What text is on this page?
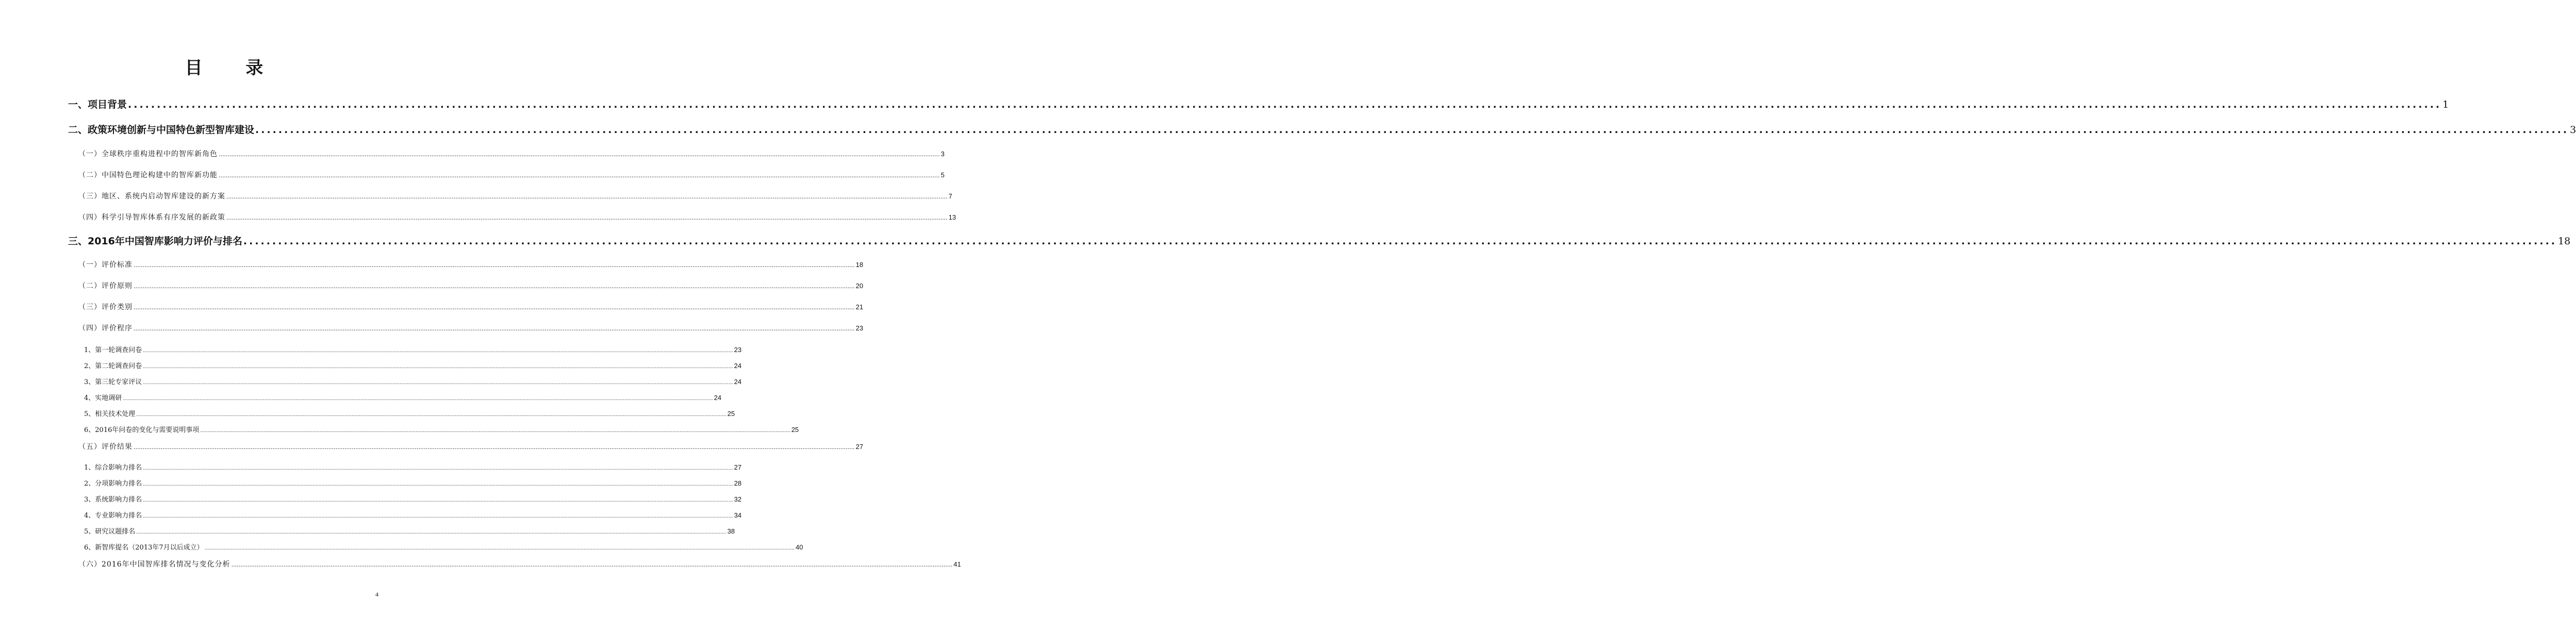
目 录
一、项目背景 ................................................................................................................................................................................................................................................................................................................................................................................................................ 1
二、政策环境创新与中国特色新型智库建设 ................................................................................................................................................................................................................................................................................................................................................................................................................ 3
（一）全球秩序重构进程中的智库新角色 ................................................................................................................................................................................................................................................................................................................................................................................................................ 3
（二）中国特色理论构建中的智库新功能 ................................................................................................................................................................................................................................................................................................................................................................................................................ 5
（三）地区、系统内启动智库建设的新方案 ................................................................................................................................................................................................................................................................................................................................................................................................................ 7
（四）科学引导智库体系有序发展的新政策 ................................................................................................................................................................................................................................................................................................................................................................................................................ 13
三、2016年中国智库影响力评价与排名 ................................................................................................................................................................................................................................................................................................................................................................................................................ 18
（一）评价标准 ................................................................................................................................................................................................................................................................................................................................................................................................................ 18
（二）评价原则 ................................................................................................................................................................................................................................................................................................................................................................................................................ 20
（三）评价类别 ................................................................................................................................................................................................................................................................................................................................................................................................................ 21
（四）评价程序 ................................................................................................................................................................................................................................................................................................................................................................................................................ 23
1、第一轮调查问卷 ................................................................................................................................................................................................................................................................................................................................................................................................................ 23
2、第二轮调查问卷 ................................................................................................................................................................................................................................................................................................................................................................................................................ 24
3、第三轮专家评议 ................................................................................................................................................................................................................................................................................................................................................................................................................ 24
4、实地调研 ................................................................................................................................................................................................................................................................................................................................................................................................................ 24
5、相关技术处理 ................................................................................................................................................................................................................................................................................................................................................................................................................ 25
6、2016年问卷的变化与需要说明事项 ................................................................................................................................................................................................................................................................................................................................................................................................................ 25
（五）评价结果 ................................................................................................................................................................................................................................................................................................................................................................................................................ 27
1、综合影响力排名 ................................................................................................................................................................................................................................................................................................................................................................................................................ 27
2、分项影响力排名 ................................................................................................................................................................................................................................................................................................................................................................................................................ 28
3、系统影响力排名 ................................................................................................................................................................................................................................................................................................................................................................................................................ 32
4、专业影响力排名 ................................................................................................................................................................................................................................................................................................................................................................................................................ 34
5、研究议题排名 ................................................................................................................................................................................................................................................................................................................................................................................................................ 38
6、新智库提名（2013年7月以后成立） ................................................................................................................................................................................................................................................................................................................................................................................................................ 40
（六）2016年中国智库排名情况与变化分析 ................................................................................................................................................................................................................................................................................................................................................................................................................ 41
4
